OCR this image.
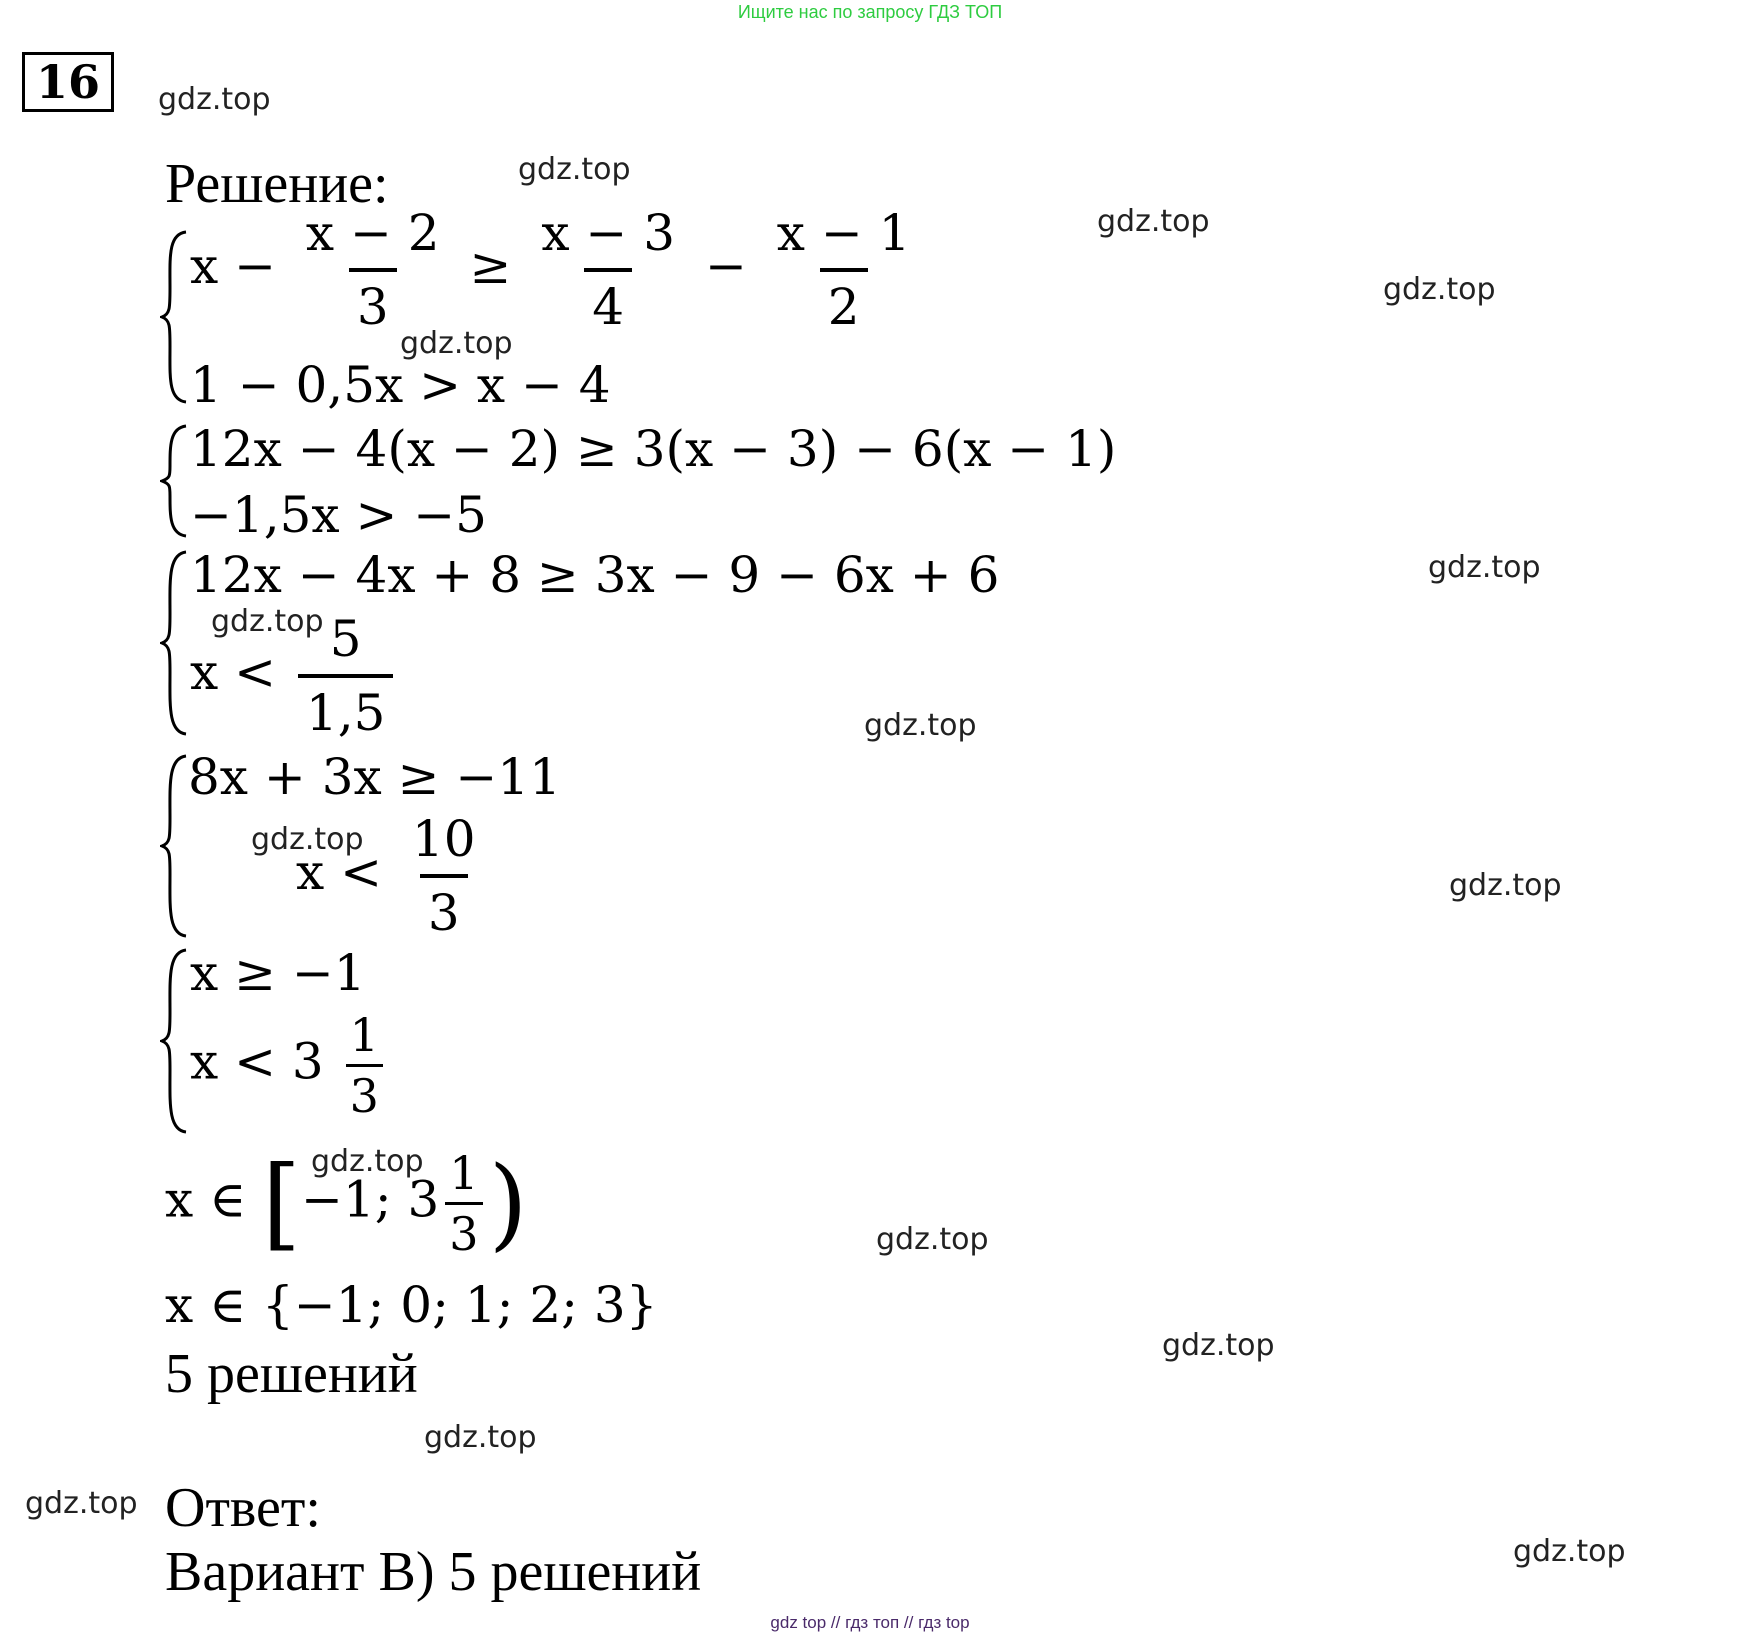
Ищите нас по запросу ГДЗ ТОП
16	gdz.top
gdz.top
gdz.top
gdz.top
gdz.top
gdz.top
gdz.top
gdz.top
gdz.top
gdz.top
gdz.top
gdz.top
gdz.top
gdz.top
gdz.top
gdz.top
Решение:
$x - \frac{x - 2}{3} \ge \frac{x - 3}{4} - \frac{x - 1}{2}$
1 − 0,5x > x − 4
12x − 4(x − 2) ≥ 3(x − 3) − 6(x − 1)
−1,5x > −5
12x − 4x + 8 ≥ 3x − 9 − 6x + 6
$x < \frac{5}{1,5}$
8x + 3x ≥ −11
$x < \frac{10}{3}$
x ≥ −1
$x < 3 \frac{1}{3}$
x ∈ [−1; $3 \frac{1}{3}$ )
x ∈ {−1; 0; 1; 2; 3}
5 решений
Ответ:
Вариант В) 5 решений
gdz top // гдз топ // гдз top
